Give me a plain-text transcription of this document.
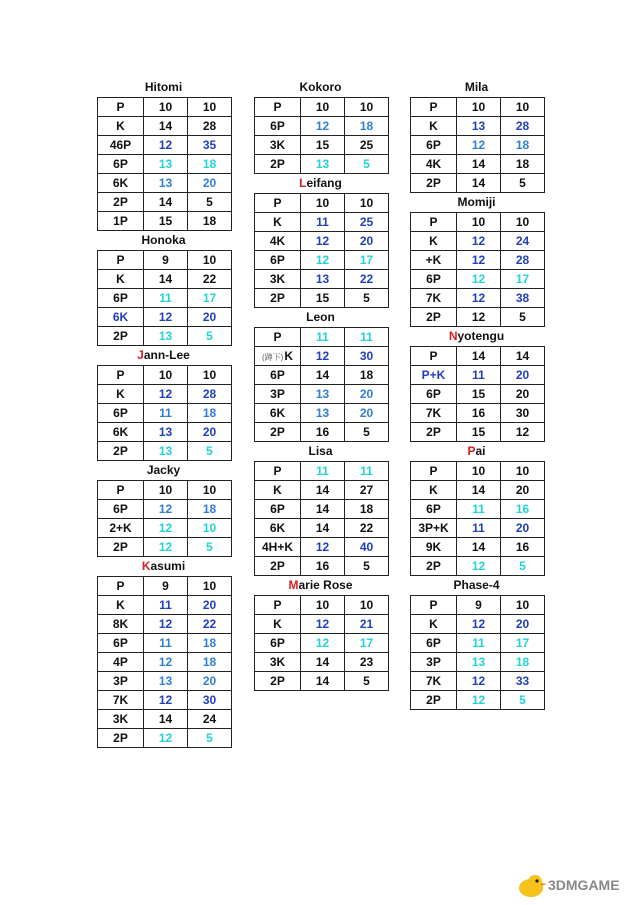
Hitomi
P	10	10
K	14	28
46P	12	35
6P	13	18
6K	13	20
2P	14	5
1P	15	18
Honoka
P	9	10
K	14	22
6P	11	17
6K	12	20
2P	13	5
Jann-Lee
P	10	10
K	12	28
6P	11	18
6K	13	20
2P	13	5
Jacky
P	10	10
6P	12	18
2+K	12	10
2P	12	5
Kasumi
P	9	10
K	11	20
8K	12	22
6P	11	18
4P	12	18
3P	13	20
7K	12	30
3K	14	24
2P	12	5
Kokoro
P	10	10
6P	12	18
3K	15	25
2P	13	5
Leifang
P	10	10
K	11	25
4K	12	20
6P	12	17
3K	13	22
2P	15	5
Leon
P	11	11
(蹲下)K	12	30
6P	14	18
3P	13	20
6K	13	20
2P	16	5
Lisa
P	11	11
K	14	27
6P	14	18
6K	14	22
4H+K	12	40
2P	16	5
Marie Rose
P	10	10
K	12	21
6P	12	17
3K	14	23
2P	14	5
Mila
P	10	10
K	13	28
6P	12	18
4K	14	18
2P	14	5
Momiji
P	10	10
K	12	24
+K	12	28
6P	12	17
7K	12	38
2P	12	5
Nyotengu
P	14	14
P+K	11	20
6P	15	20
7K	16	30
2P	15	12
Pai
P	10	10
K	14	20
6P	11	16
3P+K	11	20
9K	14	16
2P	12	5
Phase-4
P	9	10
K	12	20
6P	11	17
3P	13	18
7K	12	33
2P	12	5
3DMGAME
